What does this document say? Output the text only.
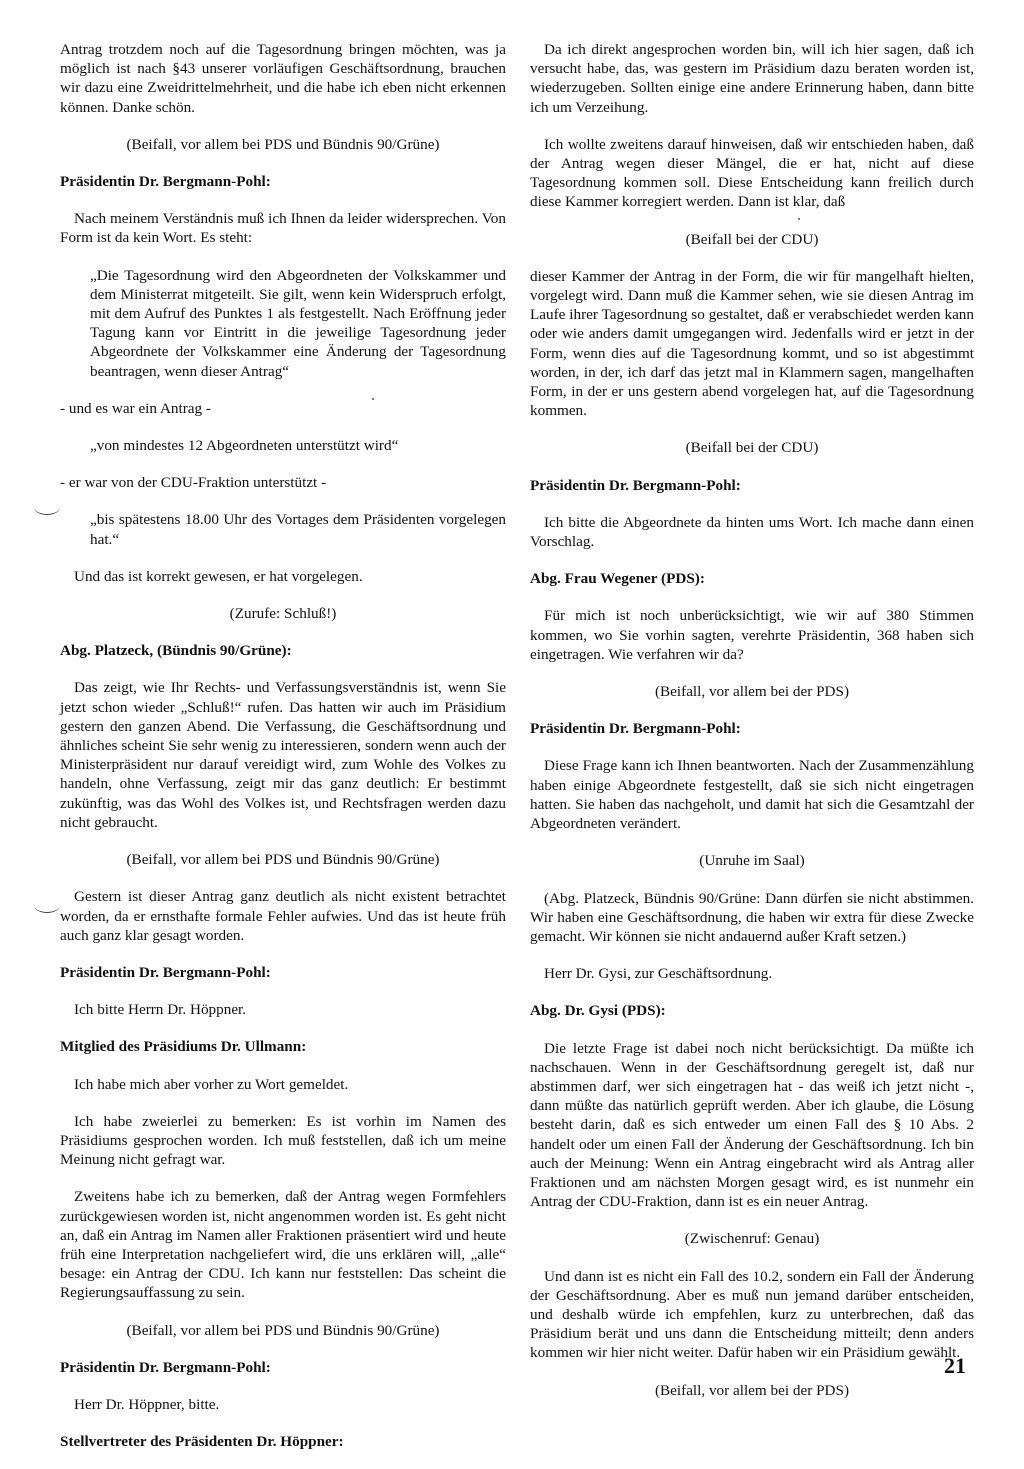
Antrag trotzdem noch auf die Tagesordnung bringen möchten, was ja möglich ist nach §43 unserer vorläufigen Geschäftsordnung, brauchen wir dazu eine Zweidrittelmehrheit, und die habe ich eben nicht erkennen können. Danke schön.

(Beifall, vor allem bei PDS und Bündnis 90/Grüne)

Präsidentin Dr. Bergmann-Pohl:

Nach meinem Verständnis muß ich Ihnen da leider widersprechen. Von Form ist da kein Wort. Es steht:

„Die Tagesordnung wird den Abgeordneten der Volkskammer und dem Ministerrat mitgeteilt. Sie gilt, wenn kein Widerspruch erfolgt, mit dem Aufruf des Punktes 1 als festgestellt. Nach Eröffnung jeder Tagung kann vor Eintritt in die jeweilige Tagesordnung jeder Abgeordnete der Volkskammer eine Änderung der Tagesordnung beantragen, wenn dieser Antrag“

- und es war ein Antrag -

„von mindestes 12 Abgeordneten unterstützt wird“

- er war von der CDU-Fraktion unterstützt -

„bis spätestens 18.00 Uhr des Vortages dem Präsidenten vorgelegen hat.“

Und das ist korrekt gewesen, er hat vorgelegen.

(Zurufe: Schluß!)

Abg. Platzeck, (Bündnis 90/Grüne):

Das zeigt, wie Ihr Rechts- und Verfassungsverständnis ist, wenn Sie jetzt schon wieder „Schluß!“ rufen. Das hatten wir auch im Präsidium gestern den ganzen Abend. Die Verfassung, die Geschäftsordnung und ähnliches scheint Sie sehr wenig zu interessieren, sondern wenn auch der Ministerpräsident nur darauf vereidigt wird, zum Wohle des Volkes zu handeln, ohne Verfassung, zeigt mir das ganz deutlich: Er bestimmt zukünftig, was das Wohl des Volkes ist, und Rechtsfragen werden dazu nicht gebraucht.

(Beifall, vor allem bei PDS und Bündnis 90/Grüne)

Gestern ist dieser Antrag ganz deutlich als nicht existent betrachtet worden, da er ernsthafte formale Fehler aufwies. Und das ist heute früh auch ganz klar gesagt worden.

Präsidentin Dr. Bergmann-Pohl:

Ich bitte Herrn Dr. Höppner.

Mitglied des Präsidiums Dr. Ullmann:

Ich habe mich aber vorher zu Wort gemeldet.

Ich habe zweierlei zu bemerken: Es ist vorhin im Namen des Präsidiums gesprochen worden. Ich muß feststellen, daß ich um meine Meinung nicht gefragt war.

Zweitens habe ich zu bemerken, daß der Antrag wegen Formfehlers zurückgewiesen worden ist, nicht angenommen worden ist. Es geht nicht an, daß ein Antrag im Namen aller Fraktionen präsentiert wird und heute früh eine Interpretation nachgeliefert wird, die uns erklären will, „alle“ besage: ein Antrag der CDU. Ich kann nur feststellen: Das scheint die Regierungsauffassung zu sein.

(Beifall, vor allem bei PDS und Bündnis 90/Grüne)

Präsidentin Dr. Bergmann-Pohl:

Herr Dr. Höppner, bitte.

Stellvertreter des Präsidenten Dr. Höppner:

Da ich direkt angesprochen worden bin, will ich hier sagen, daß ich versucht habe, das, was gestern im Präsidium dazu beraten worden ist, wiederzugeben. Sollten einige eine andere Erinnerung haben, dann bitte ich um Verzeihung.

Ich wollte zweitens darauf hinweisen, daß wir entschieden haben, daß der Antrag wegen dieser Mängel, die er hat, nicht auf diese Tagesordnung kommen soll. Diese Entscheidung kann freilich durch diese Kammer korregiert werden. Dann ist klar, daß

(Beifall bei der CDU)

dieser Kammer der Antrag in der Form, die wir für mangelhaft hielten, vorgelegt wird. Dann muß die Kammer sehen, wie sie diesen Antrag im Laufe ihrer Tagesordnung so gestaltet, daß er verabschiedet werden kann oder wie anders damit umgegangen wird. Jedenfalls wird er jetzt in der Form, wenn dies auf die Tagesordnung kommt, und so ist abgestimmt worden, in der, ich darf das jetzt mal in Klammern sagen, mangelhaften Form, in der er uns gestern abend vorgelegen hat, auf die Tagesordnung kommen.

(Beifall bei der CDU)

Präsidentin Dr. Bergmann-Pohl:

Ich bitte die Abgeordnete da hinten ums Wort. Ich mache dann einen Vorschlag.

Abg. Frau Wegener (PDS):

Für mich ist noch unberücksichtigt, wie wir auf 380 Stimmen kommen, wo Sie vorhin sagten, verehrte Präsidentin, 368 haben sich eingetragen. Wie verfahren wir da?

(Beifall, vor allem bei der PDS)

Präsidentin Dr. Bergmann-Pohl:

Diese Frage kann ich Ihnen beantworten. Nach der Zusammenzählung haben einige Abgeordnete festgestellt, daß sie sich nicht eingetragen hatten. Sie haben das nachgeholt, und damit hat sich die Gesamtzahl der Abgeordneten verändert.

(Unruhe im Saal)

(Abg. Platzeck, Bündnis 90/Grüne: Dann dürfen sie nicht abstimmen. Wir haben eine Geschäftsordnung, die haben wir extra für diese Zwecke gemacht. Wir können sie nicht andauernd außer Kraft setzen.)

Herr Dr. Gysi, zur Geschäftsordnung.

Abg. Dr. Gysi (PDS):

Die letzte Frage ist dabei noch nicht berücksichtigt. Da müßte ich nachschauen. Wenn in der Geschäftsordnung geregelt ist, daß nur abstimmen darf, wer sich eingetragen hat - das weiß ich jetzt nicht -, dann müßte das natürlich geprüft werden. Aber ich glaube, die Lösung besteht darin, daß es sich entweder um einen Fall des § 10 Abs. 2 handelt oder um einen Fall der Änderung der Geschäftsordnung. Ich bin auch der Meinung: Wenn ein Antrag eingebracht wird als Antrag aller Fraktionen und am nächsten Morgen gesagt wird, es ist nunmehr ein Antrag der CDU-Fraktion, dann ist es ein neuer Antrag.

(Zwischenruf: Genau)

Und dann ist es nicht ein Fall des 10.2, sondern ein Fall der Änderung der Geschäftsordnung. Aber es muß nun jemand darüber entscheiden, und deshalb würde ich empfehlen, kurz zu unterbrechen, daß das Präsidium berät und uns dann die Entscheidung mitteilt; denn anders kommen wir hier nicht weiter. Dafür haben wir ein Präsidium gewählt.

(Beifall, vor allem bei der PDS)

21
